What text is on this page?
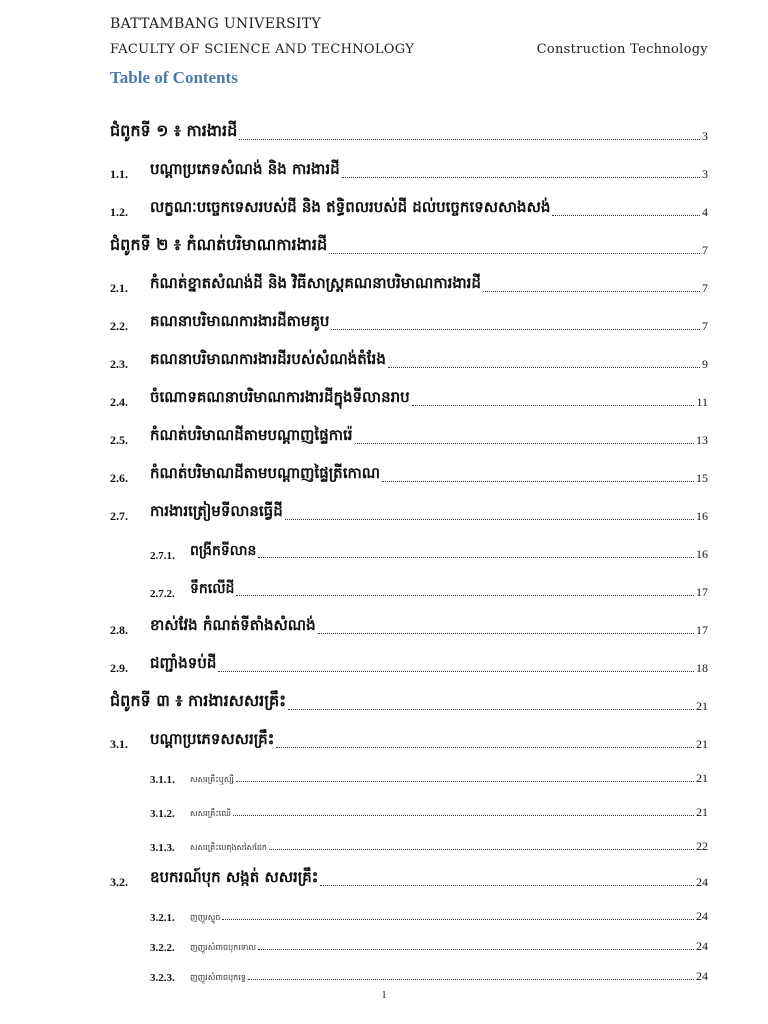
BATTAMBANG UNIVERSITY
FACULTY OF SCIENCE AND TECHNOLOGY	Construction Technology
Table of Contents
ជំពូកទី ១ ៖ ការងារដី	3
1.1.	បណ្តាប្រភេទសំណង់ និង ការងារដី	3
1.2.	លក្ខណៈបច្ចេកទេសរបស់ដី និង ឥទ្ធិពលរបស់ដី ដល់បច្ចេកទេសសាងសង់	4
ជំពូកទី ២ ៖ កំណត់បរិមាណការងារដី	7
2.1.	កំណត់ខ្នាតសំណង់ដី និង វិធីសាស្រ្តគណនាបរិមាណការងារដី	7
2.2.	គណនាបរិមាណការងារដីតាមគូប	7
2.3.	គណនាបរិមាណការងារដីរបស់សំណង់តំរែង	9
2.4.	ចំណោទគណនាបរិមាណការងារដីក្នុងទីលានរាប	11
2.5.	កំណត់បរិមាណដីតាមបណ្តាញផ្ទៃការ៉េ	13
2.6.	កំណត់បរិមាណដីតាមបណ្តាញផ្ទៃត្រីកោណ	15
2.7.	ការងារត្រៀមទីលានធ្វើដី	16
2.7.1.	ពង្រីកទីលាន	16
2.7.2.	ទឹកលើដី	17
2.8.	ខាស់វែង កំណត់ទីតាំងសំណង់	17
2.9.	ជញ្ជាំងទប់ដី	18
ជំពូកទី ៣ ៖ ការងារសសរគ្រឹះ	21
3.1.	បណ្តាប្រភេទសសរគ្រឹះ	21
3.1.1.	សសរគ្រឹះឬស្សី	21
3.1.2.	សសរគ្រឹះឈើ	21
3.1.3.	សសរគ្រឹះបេតុងសសៃដែក	22
3.2.	ឧបករណ៍បុក សង្កត់ សសរគ្រឹះ	24
3.2.1.	ញញួរស្ទូច	24
3.2.2.	ញញួរសំពាធបុកទោល	24
3.2.3.	ញញួរសំពាធបុកទ្វេ	24
1
